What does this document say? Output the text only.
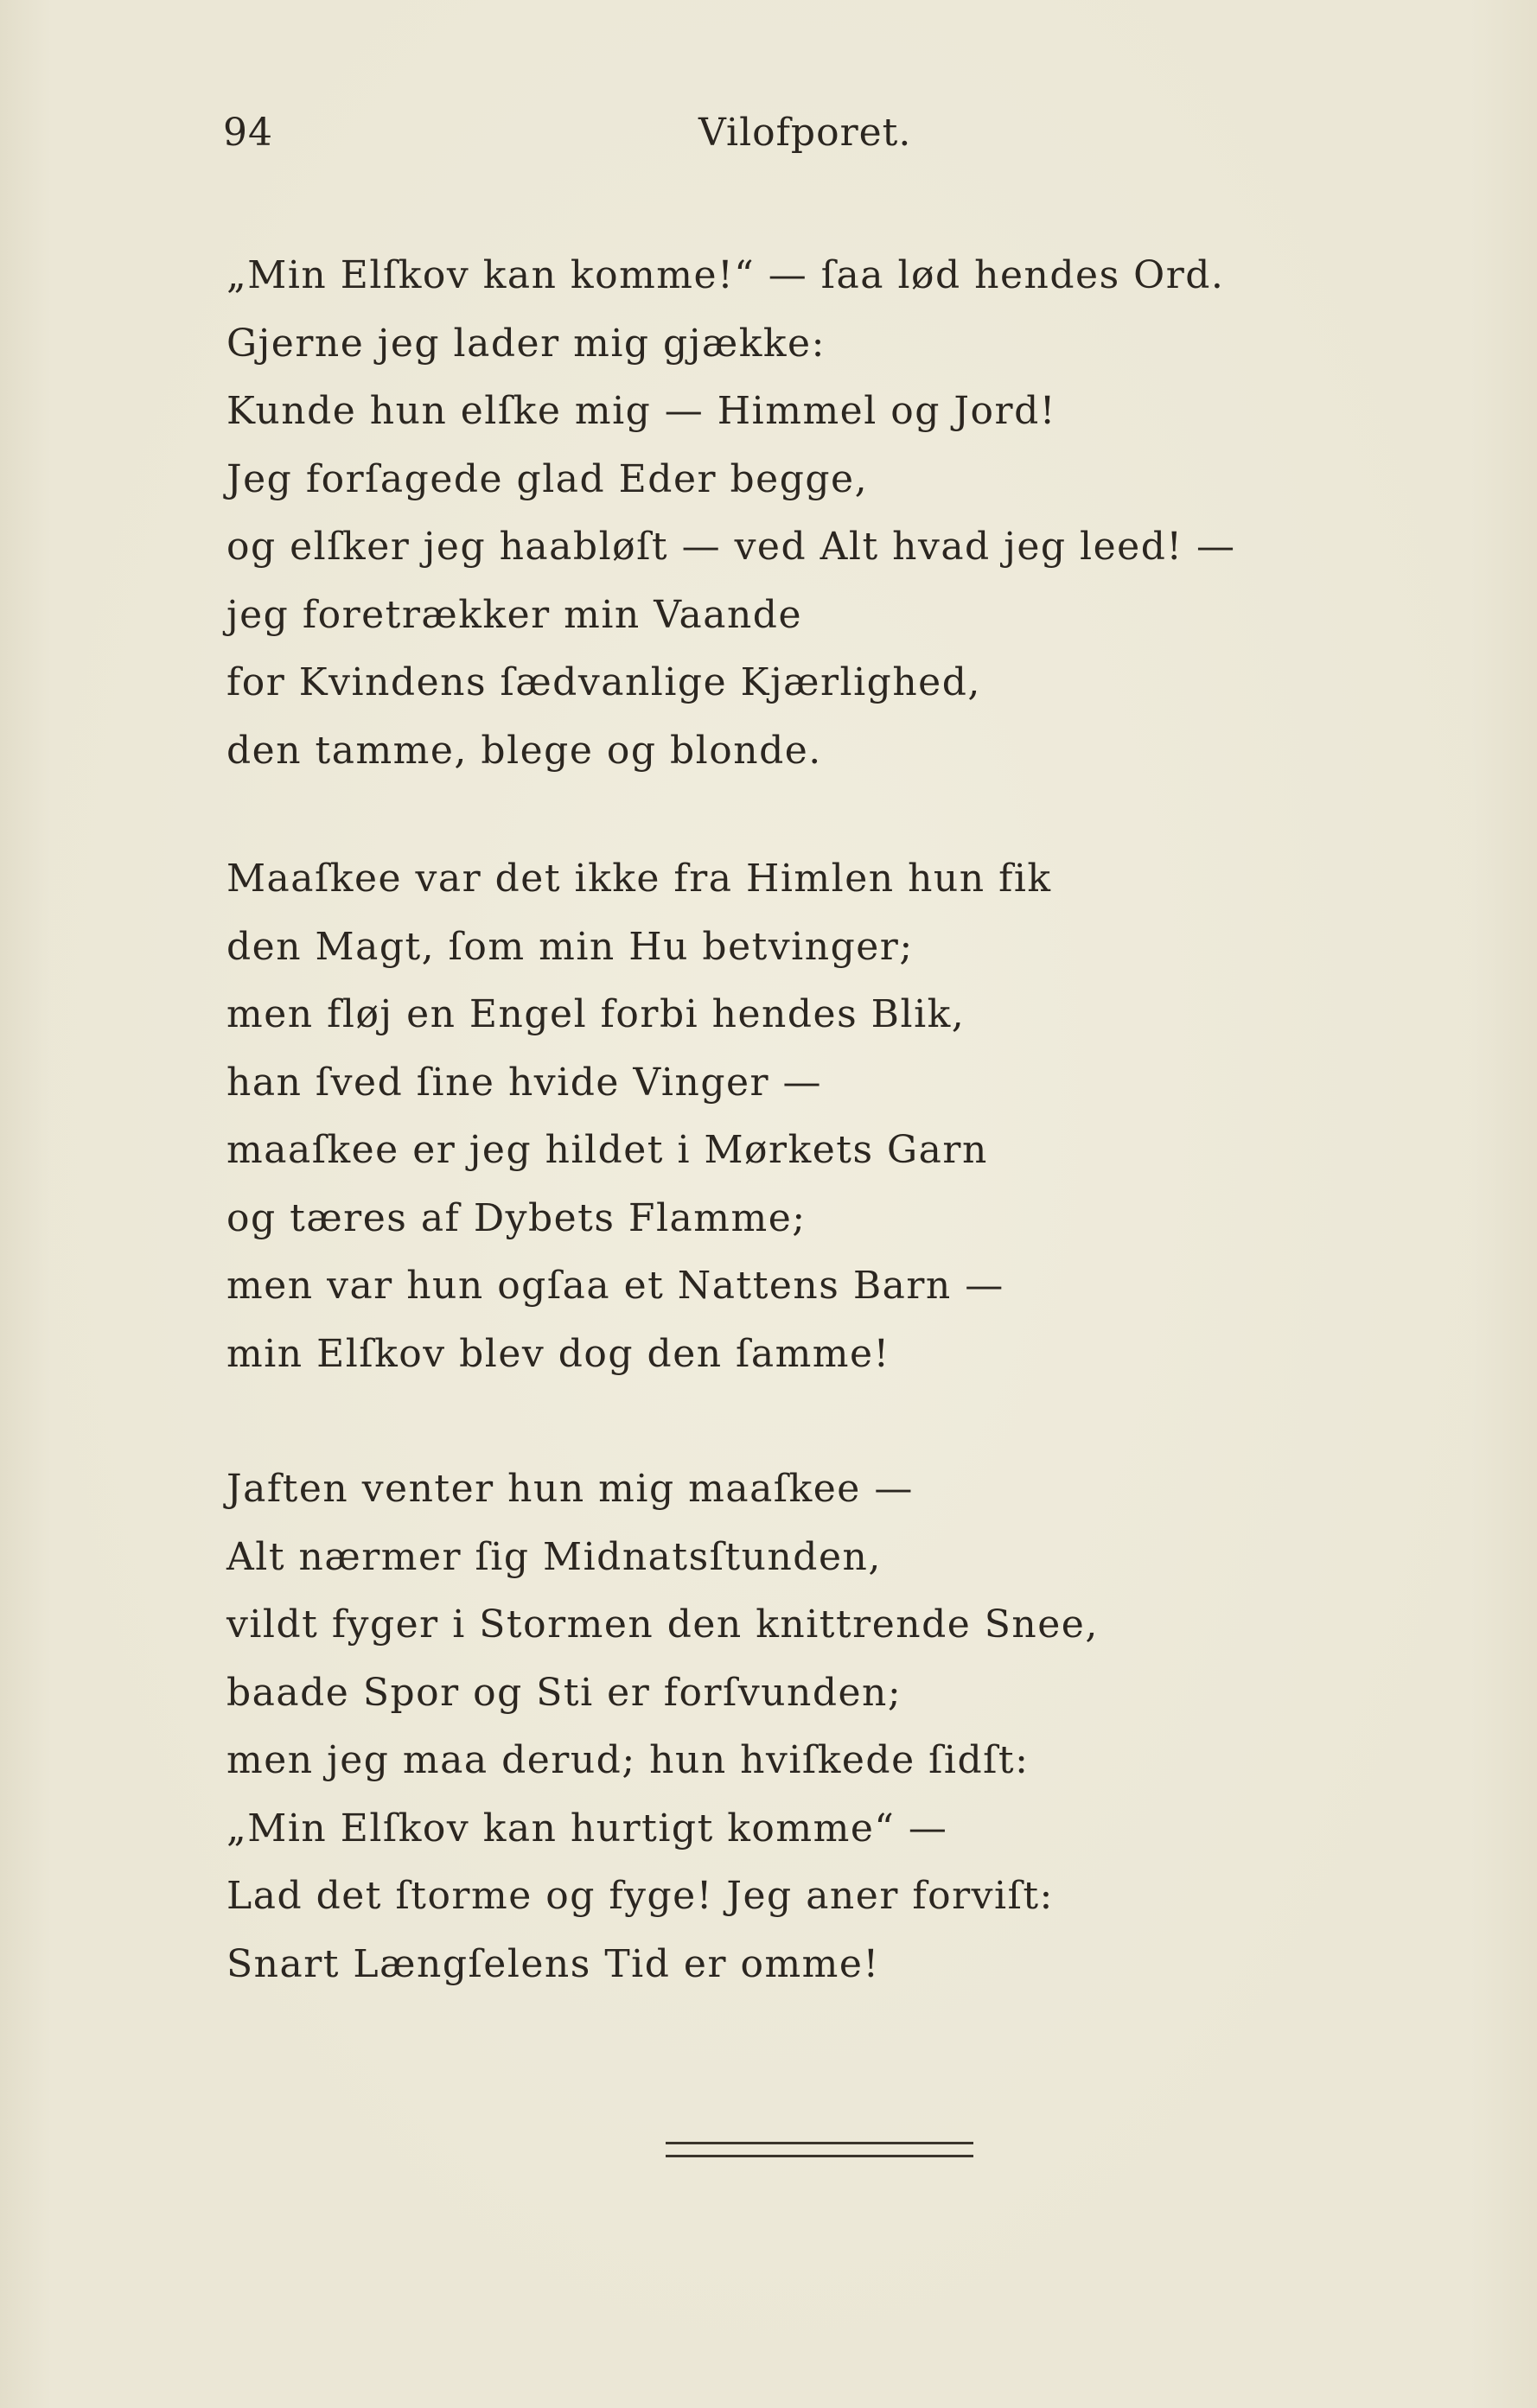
94	Vilofporet.
„Min Elſkov kan komme!“ — ſaa lød hendes Ord.
Gjerne jeg lader mig gjække:
Kunde hun elſke mig — Himmel og Jord!
Jeg forſagede glad Eder begge,
og elſker jeg haabløſt — ved Alt hvad jeg leed! —
jeg foretrækker min Vaande
for Kvindens ſædvanlige Kjærlighed,
den tamme, blege og blonde.
Maaſkee var det ikke fra Himlen hun fik
den Magt, ſom min Hu betvinger;
men fløj en Engel forbi hendes Blik,
han ſved ſine hvide Vinger —
maaſkee er jeg hildet i Mørkets Garn
og tæres af Dybets Flamme;
men var hun ogſaa et Nattens Barn —
min Elſkov blev dog den ſamme!
Jaften venter hun mig maaſkee —
Alt nærmer ſig Midnatsſtunden,
vildt fyger i Stormen den knittrende Snee,
baade Spor og Sti er forſvunden;
men jeg maa derud; hun hviſkede ſidſt:
„Min Elſkov kan hurtigt komme“ —
Lad det ſtorme og fyge! Jeg aner forviſt:
Snart Længſelens Tid er omme!
